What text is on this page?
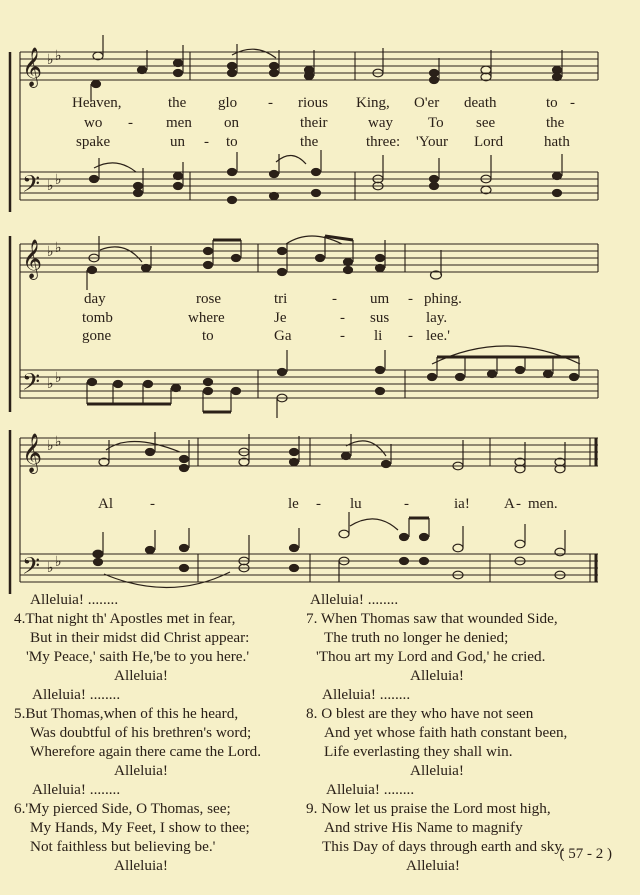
𝄞
𝄢
♭ ♭
♭ ♭
𝄞
𝄢
♭ ♭
♭ ♭
𝄞
𝄢
♭ ♭
♭ ♭
Heaven,	the glo - rious King, O'er death	to -
wo - men on	their	way To see	the
spake	un - to	the	three: 'Your Lord	hath
day	rose	tri	- um - phing.
tomb	where	Je	- sus lay.
gone	to	Ga	- li - lee.'
Al -	le - lu	-	ia! A - men.
Alleluia! ........
4.That night th' Apostles met in fear,
But in their midst did Christ appear:
'My Peace,' saith He,'be to you here.'
Alleluia!
Alleluia! ........
5.But Thomas,when of this he heard,
Was doubtful of his brethren's word;
Wherefore again there came the Lord.
Alleluia!
Alleluia! ........
6.'My pierced Side, O Thomas, see;
My Hands, My Feet, I show to thee;
Not faithless but believing be.'
Alleluia!
Alleluia! ........
7. When Thomas saw that wounded Side,
The truth no longer he denied;
'Thou art my Lord and God,' he cried.
Alleluia!
Alleluia! ........
8. O blest are they who have not seen
And yet whose faith hath constant been,
Life everlasting they shall win.
Alleluia!
Alleluia! ........
9. Now let us praise the Lord most high,
And strive His Name to magnify
This Day of days through earth and sky.
Alleluia!
( 57 - 2 )
